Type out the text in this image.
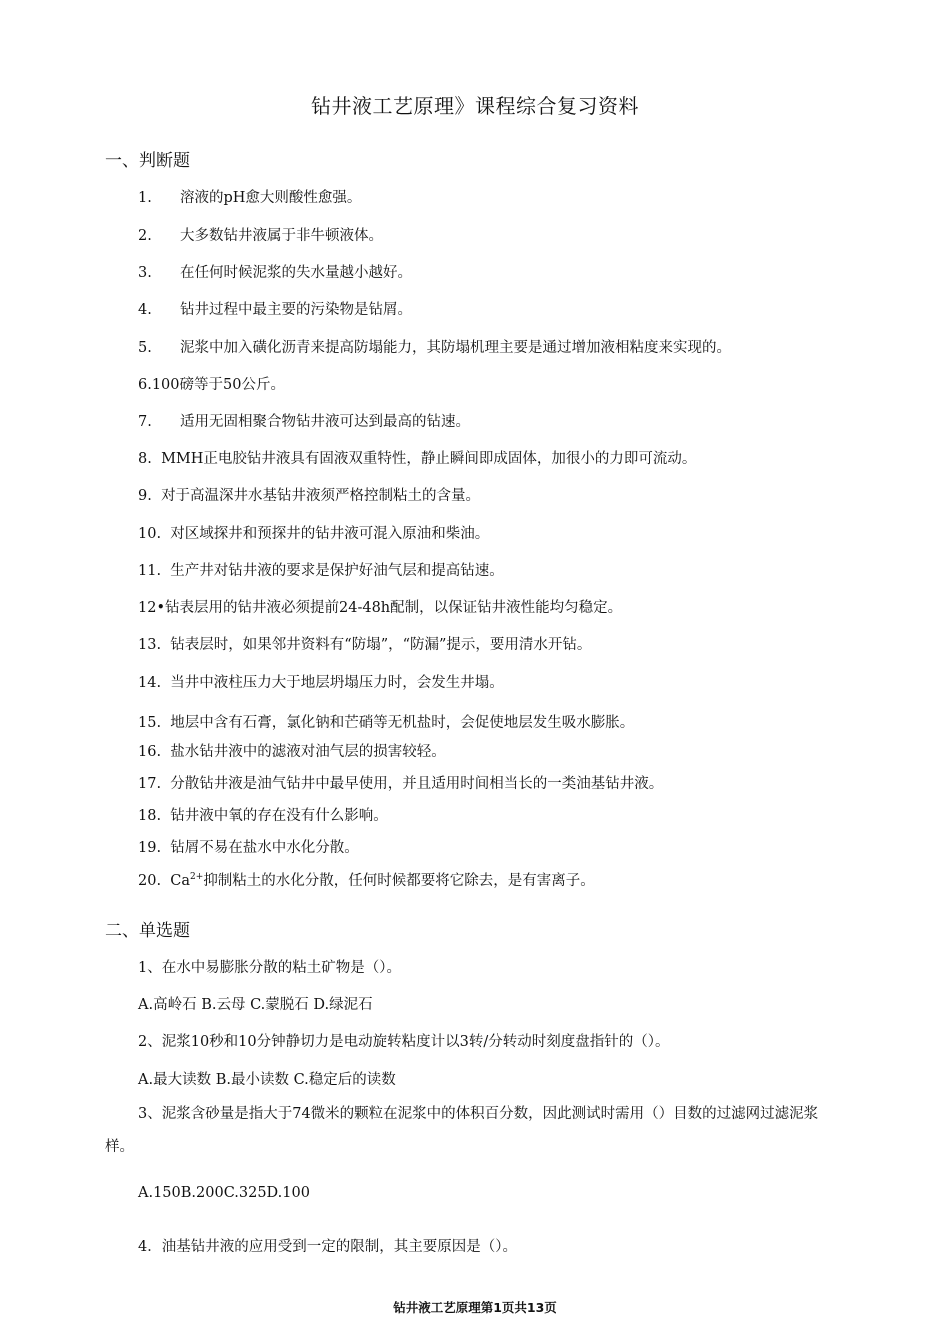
钻井液工艺原理》课程综合复习资料
一、判断题
1. 溶液的pH愈大则酸性愈强。
2. 大多数钻井液属于非牛顿液体。
3. 在任何时候泥浆的失水量越小越好。
4. 钻井过程中最主要的污染物是钻屑。
5. 泥浆中加入磺化沥青来提高防塌能力，其防塌机理主要是通过增加液相粘度来实现的。
6.100磅等于50公斤。
7. 适用无固相聚合物钻井液可达到最高的钻速。
8. MMH正电胶钻井液具有固液双重特性，静止瞬间即成固体，加很小的力即可流动。
9. 对于高温深井水基钻井液须严格控制粘土的含量。
10. 对区域探井和预探井的钻井液可混入原油和柴油。
11. 生产井对钻井液的要求是保护好油气层和提高钻速。
12•钻表层用的钻井液必须提前24-48h配制，以保证钻井液性能均匀稳定。
13. 钻表层时，如果邻井资料有“防塌”，“防漏”提示，要用清水开钻。
14. 当井中液柱压力大于地层坍塌压力时，会发生井塌。
15. 地层中含有石膏，氯化钠和芒硝等无机盐时，会促使地层发生吸水膨胀。
16. 盐水钻井液中的滤液对油气层的损害较轻。
17. 分散钻井液是油气钻井中最早使用，并且适用时间相当长的一类油基钻井液。
18. 钻井液中氧的存在没有什么影响。
19. 钻屑不易在盐水中水化分散。
20. $Ca^{2+}$抑制粘土的水化分散，任何时候都要将它除去，是有害离子。
二、单选题
1、在水中易膨胀分散的粘土矿物是（）。
A.高岭石 B.云母 C.蒙脱石 D.绿泥石
2、泥浆10秒和10分钟静切力是电动旋转粘度计以3转/分转动时刻度盘指针的（）。
A.最大读数 B.最小读数 C.稳定后的读数
3、泥浆含砂量是指大于74微米的颗粒在泥浆中的体积百分数，因此测试时需用（）目数的过滤网过滤泥浆样。
A.150B.200C.325D.100
4．油基钻井液的应用受到一定的限制，其主要原因是（）。
钻井液工艺原理第1页共13页
